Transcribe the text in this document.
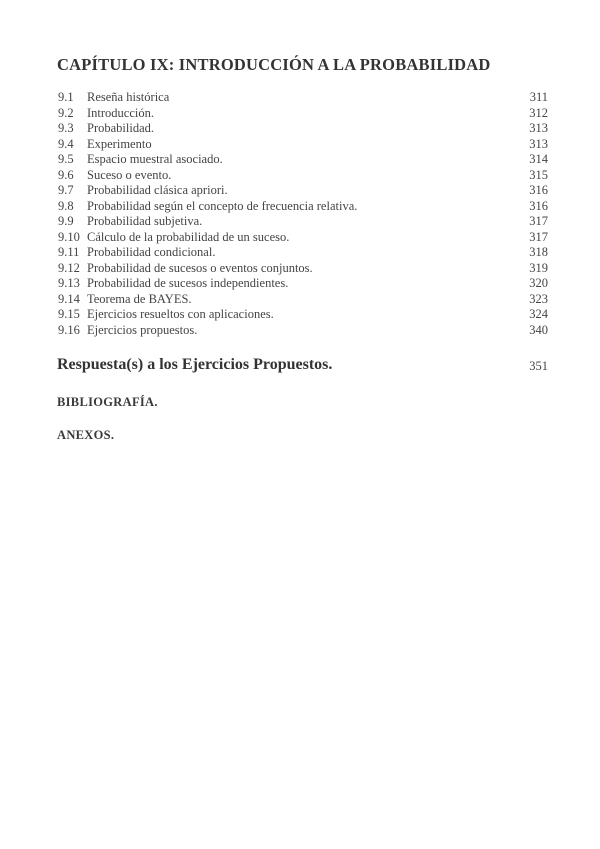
CAPÍTULO IX: INTRODUCCIÓN A LA PROBABILIDAD
9.1 Reseña histórica	311
9.2 Introducción.	312
9.3 Probabilidad.	313
9.4 Experimento	313
9.5 Espacio muestral asociado.	314
9.6 Suceso o evento.	315
9.7 Probabilidad clásica apriori.	316
9.8 Probabilidad según el concepto de frecuencia relativa.	316
9.9 Probabilidad subjetiva.	317
9.10 Cálculo de la probabilidad de un suceso.	317
9.11 Probabilidad condicional.	318
9.12 Probabilidad de sucesos o eventos conjuntos.	319
9.13 Probabilidad de sucesos independientes.	320
9.14 Teorema de BAYES.	323
9.15 Ejercicios resueltos con aplicaciones.	324
9.16 Ejercicios propuestos.	340
Respuesta(s) a los Ejercicios Propuestos.	351
BIBLIOGRAFÍA.
ANEXOS.
